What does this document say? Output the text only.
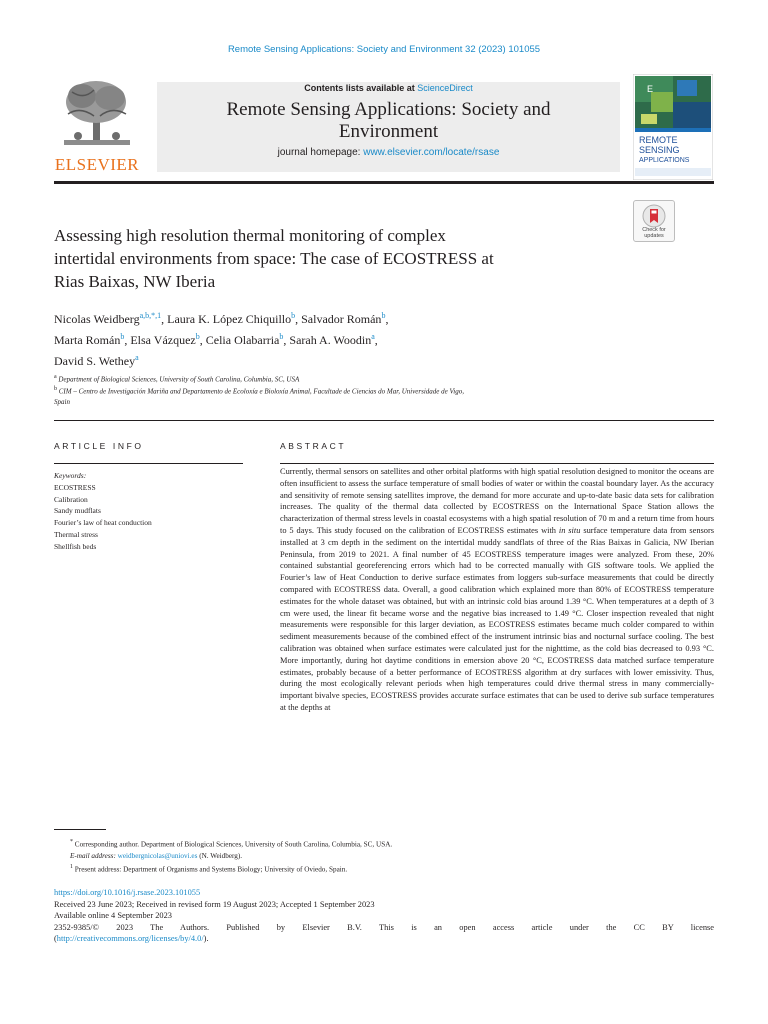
Remote Sensing Applications: Society and Environment 32 (2023) 101055
ELSEVIER
Contents lists available at ScienceDirect
Remote Sensing Applications: Society and
Environment
journal homepage: www.elsevier.com/locate/rsase
E
REMOTE
SENSING
APPLICATIONS
Check for
updates
Assessing high resolution thermal monitoring of complex
intertidal environments from space: The case of ECOSTRESS at
Rias Baixas, NW Iberia
Nicolas Weidberg$^{a,b,*,1}$, Laura K. López Chiquillo$^b$, Salvador Román$^b$,
Marta Román$^b$, Elsa Vázquez$^b$, Celia Olabarria$^b$, Sarah A. Woodin$^a$,
David S. Wethey$^a$
$^a$ Department of Biological Sciences, University of South Carolina, Columbia, SC, USA
$^b$ CIM – Centro de Investigación Mariña and Departamento de Ecoloxía e Bioloxía Animal, Facultade de Ciencias do Mar, Universidade de Vigo,
Spain
ARTICLE INFO	ABSTRACT
Keywords:
ECOSTRESS
Calibration
Sandy mudflats
Fourier’s law of heat conduction
Thermal stress
Shellfish beds
Currently, thermal sensors on satellites and other orbital platforms with high spatial resolution designed to monitor the oceans are often insufficient to assess the surface temperature of small bodies of water or within the coastal boundary layer. As the accuracy and sensitivity of remote sensing satellites improve, the demand for more accurate and up-to-date basic data sets for calibration increases. The quality of the thermal data collected by ECOSTRESS on the International Space Station allows the characterization of thermal stress levels in coastal ecosystems with a high spatial resolution of 70 m and a return time from hours to 5 days. This study focused on the calibration of ECOSTRESS estimates with in situ surface temperature data from sensors installed at 3 cm depth in the sediment on the intertidal muddy sandflats of three of the Rias Baixas in Galicia, NW Iberian Peninsula, from 2019 to 2021. A final number of 45 ECOSTRESS temperature images were analyzed. From these, 20% contained substantial georeferencing errors which had to be corrected manually with GIS software tools. We applied the Fourier’s law of Heat Conduction to derive surface estimates from loggers sub-surface measurements that could be directly compared with ECOSTRESS data. Overall, a good calibration which explained more than 80% of ECOSTRESS temperature estimates for the whole dataset was obtained, but with an intrinsic cold bias around 1.39 °C. When temperatures at a depth of 3 cm were used, the linear fit became worse and the negative bias increased to 1.49 °C. Closer inspection revealed that night measurements were responsible for this larger deviation, as ECOSTRESS estimates became much colder compared to within sediment measurements because of the combined effect of the instrument intrinsic bias and nocturnal surface cooling. The best calibration was obtained when surface estimates were calculated just for the nighttime, as the cold bias decreased to 0.93 °C. More importantly, during hot daytime conditions in emersion above 20 °C, ECOSTRESS data matched surface temperature estimates, probably because of a better performance of ECOSTRESS algorithm at dry surfaces with lower emissivity. Thus, during the most ecologically relevant periods when high temperatures could drive thermal stress in many commercially-important bivalve species, ECOSTRESS provides accurate surface estimates that can be used to derive sub surface temperatures at the depths at
* Corresponding author. Department of Biological Sciences, University of South Carolina, Columbia, SC, USA.
E-mail address: weidbergnicolas@uniovi.es (N. Weidberg).
$^1$ Present address: Department of Organisms and Systems Biology; University of Oviedo, Spain.
https://doi.org/10.1016/j.rsase.2023.101055
Received 23 June 2023; Received in revised form 19 August 2023; Accepted 1 September 2023
Available online 4 September 2023
2352-9385/© 2023 The Authors. Published by Elsevier B.V. This is an open access article under the CC BY license
(http://creativecommons.org/licenses/by/4.0/).
